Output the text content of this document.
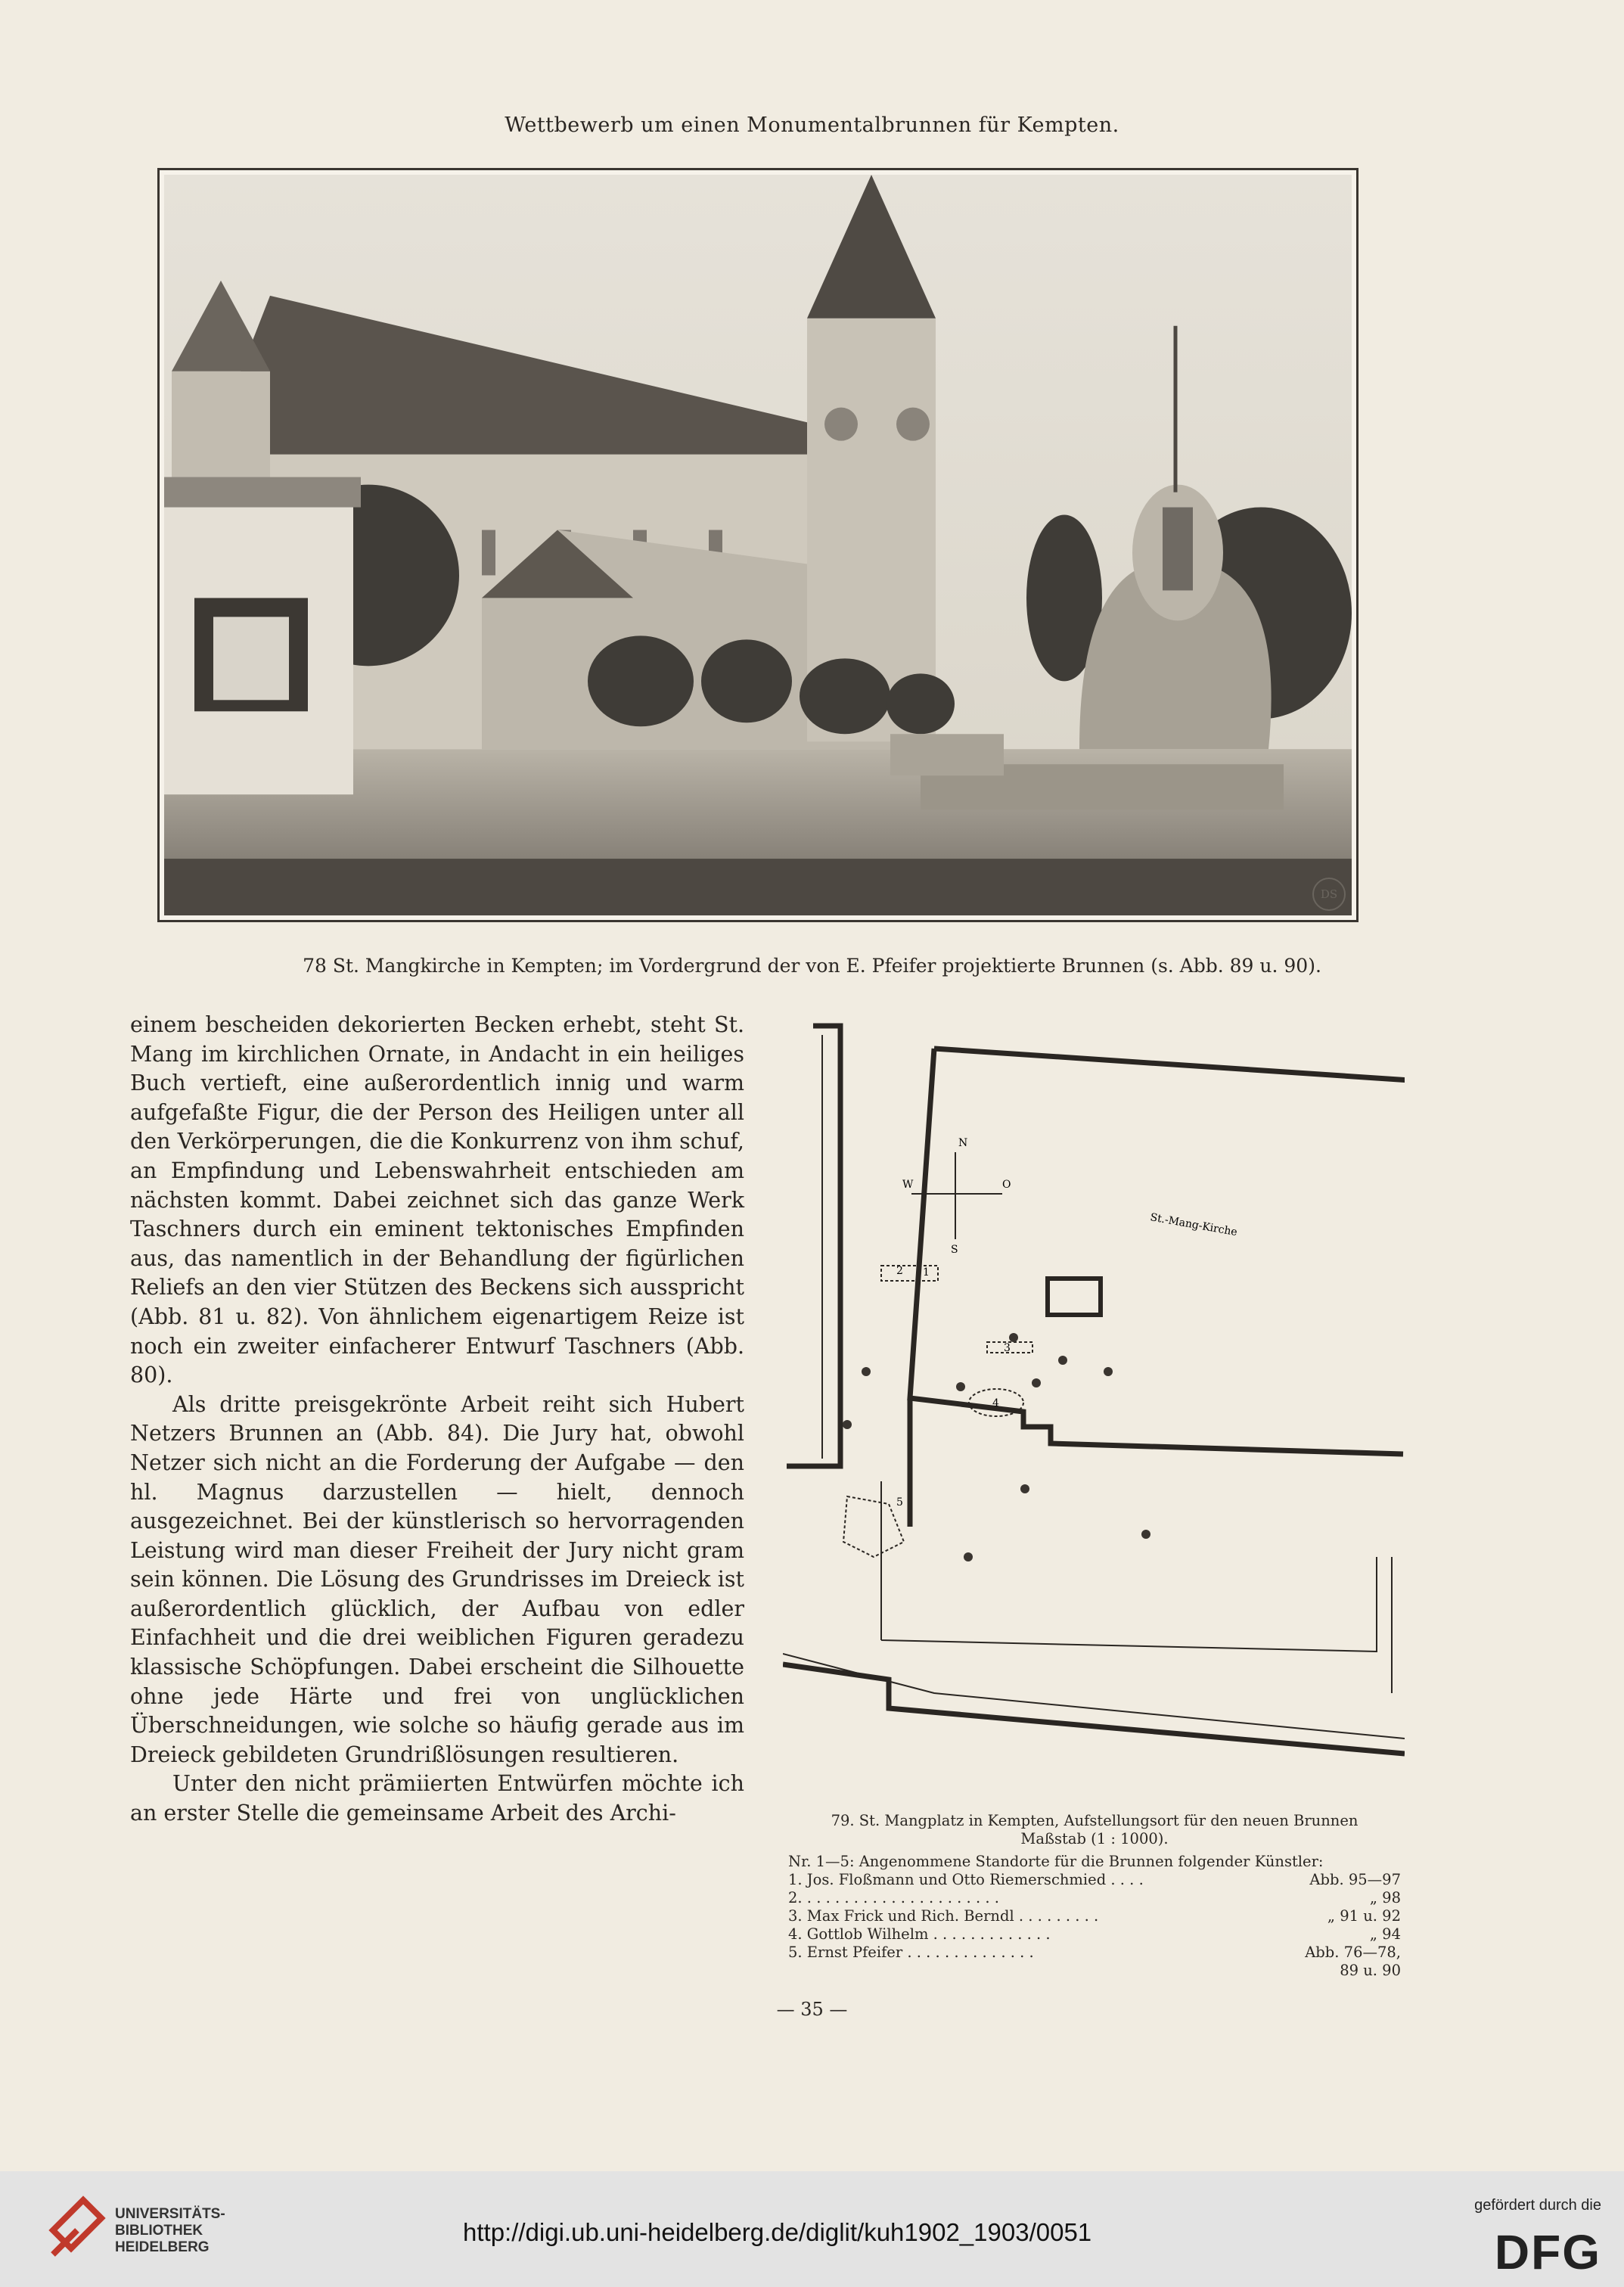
Wettbewerb um einen Monumentalbrunnen für Kempten.
DS
78 St. Mangkirche in Kempten; im Vordergrund der von E. Pfeifer projektierte Brunnen (s. Abb. 89 u. 90).

einem bescheiden dekorierten Becken erhebt, steht St. Mang im kirchlichen Ornate, in Andacht in ein heiliges Buch vertieft, eine außerordentlich innig und warm aufgefaßte Figur, die der Person des Heiligen unter all den Verkörperungen, die die Konkurrenz von ihm schuf, an Empfindung und Lebenswahrheit entschieden am nächsten kommt. Dabei zeichnet sich das ganze Werk Taschners durch ein eminent tektonisches Empfinden aus, das namentlich in der Behandlung der figürlichen Reliefs an den vier Stützen des Beckens sich ausspricht (Abb. 81 u. 82). Von ähnlichem eigenartigem Reize ist noch ein zweiter einfacherer Entwurf Taschners (Abb. 80).

Als dritte preisgekrönte Arbeit reiht sich Hubert Netzers Brunnen an (Abb. 84). Die Jury hat, obwohl Netzer sich nicht an die Forderung der Aufgabe — den hl. Magnus darzustellen — hielt, dennoch ausgezeichnet. Bei der künstlerisch so hervorragenden Leistung wird man dieser Freiheit der Jury nicht gram sein können. Die Lösung des Grundrisses im Dreieck ist außerordentlich glücklich, der Aufbau von edler Einfachheit und die drei weiblichen Figuren geradezu klassische Schöpfungen. Dabei erscheint die Silhouette ohne jede Härte und frei von unglücklichen Überschneidungen, wie solche so häufig gerade aus im Dreieck gebildeten Grundrißlösungen resultieren.

Unter den nicht prämiierten Entwürfen möchte ich an erster Stelle die gemeinsame Arbeit des Archi-

N
S
W	O
St.-Mang-Kirche
1
2
3
4
5
79. St. Mangplatz in Kempten, Aufstellungsort für den neuen Brunnen
Maßstab (1 : 1000).
Nr. 1—5: Angenommene Standorte für die Brunnen folgender Künstler:
1. Jos. Floßmann und Otto Riemerschmied . . . .	Abb. 95—97
2. . . . . . . . . . . . . . . . . . . . . .	„ 98
3. Max Frick und Rich. Berndl . . . . . . . . .	„ 91 u. 92
4. Gottlob Wilhelm . . . . . . . . . . . . .	„ 94
5. Ernst Pfeifer . . . . . . . . . . . . . .	Abb. 76—78, 89 u. 90
— 35 —
UNIVERSITÄTS-
BIBLIOTHEK
HEIDELBERG
http://digi.ub.uni-heidelberg.de/diglit/kuh1902_1903/0051
gefördert durch die
DFG
